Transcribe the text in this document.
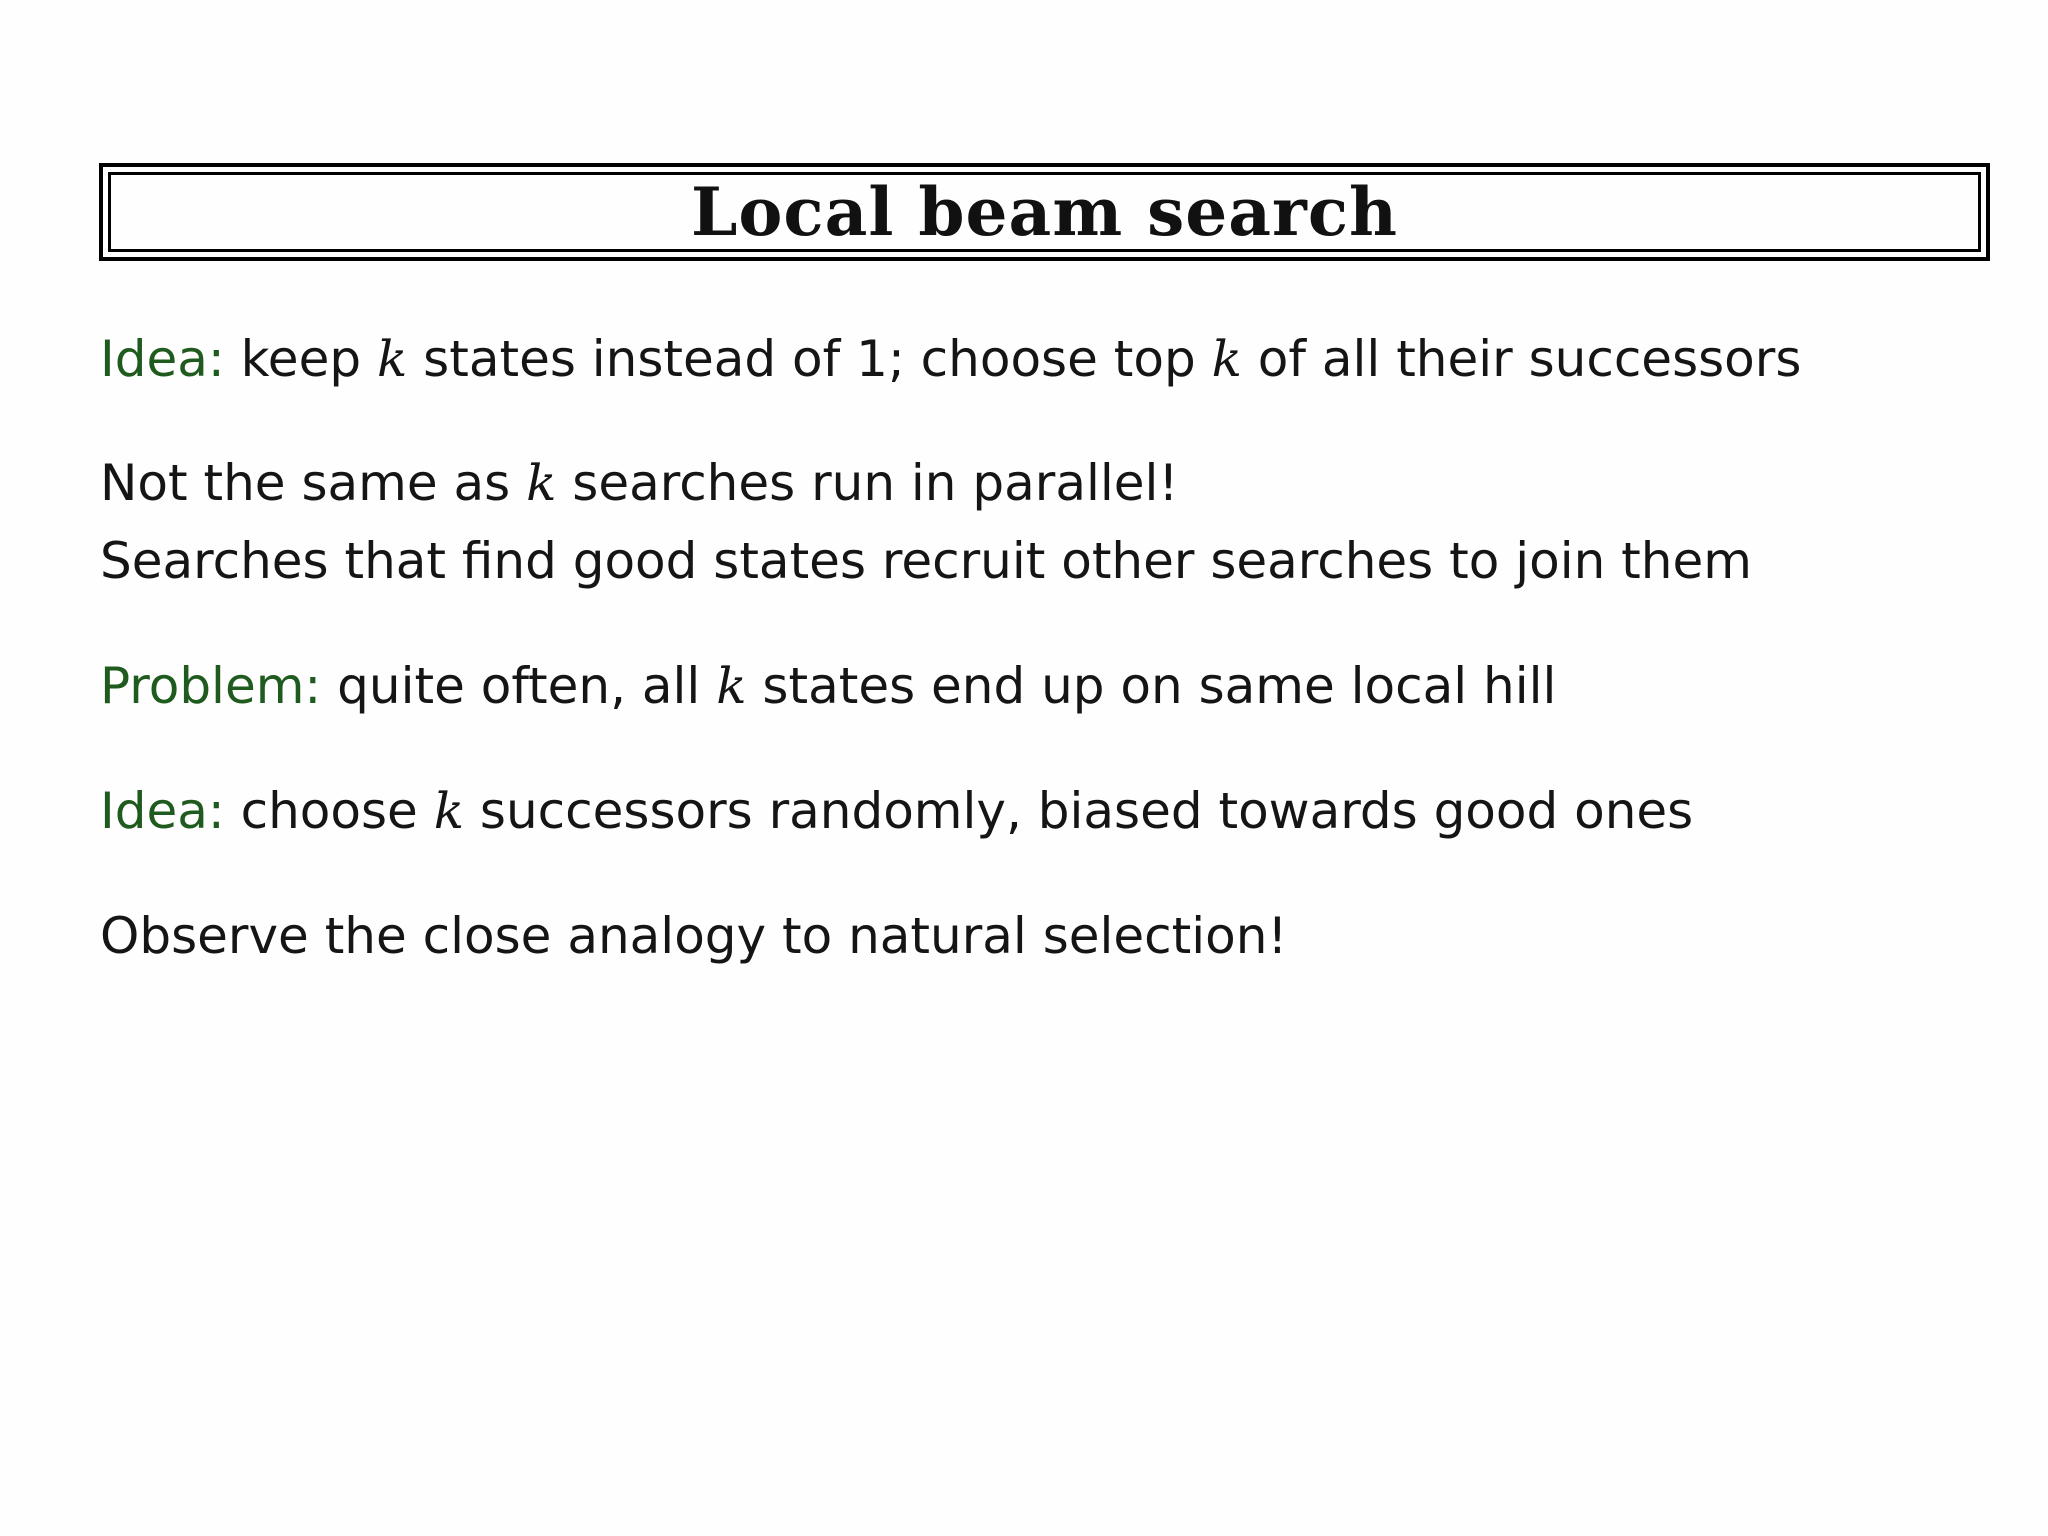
Local beam search
Idea: keep k states instead of 1; choose top k of all their successors
Not the same as k searches run in parallel!
Searches that find good states recruit other searches to join them
Problem: quite often, all k states end up on same local hill
Idea: choose k successors randomly, biased towards good ones
Observe the close analogy to natural selection!
